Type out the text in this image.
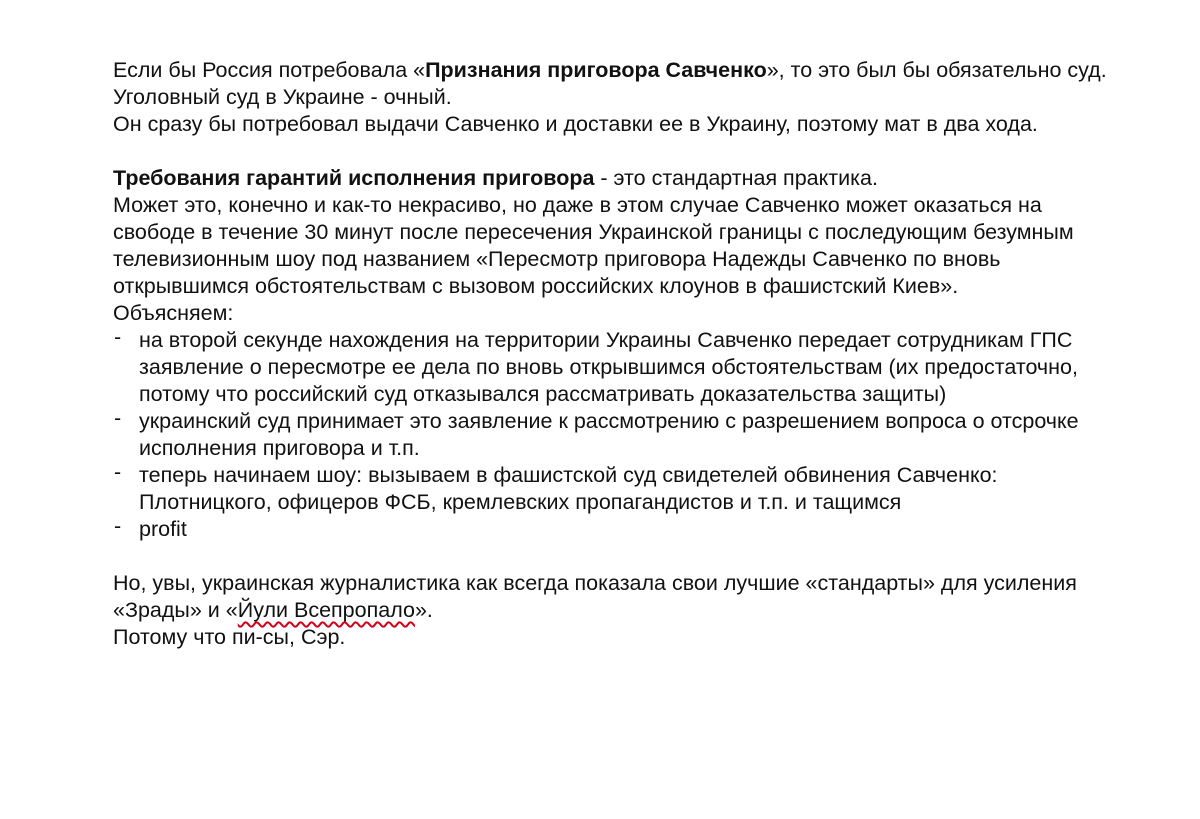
Если бы Россия потребовала «Признания приговора Савченко», то это был бы обязательно суд.

Уголовный суд в Украине - очный.

Он сразу бы потребовал выдачи Савченко и доставки ее в Украину, поэтому мат в два хода.

Требования гарантий исполнения приговора - это стандартная практика.

Может это, конечно и как-то некрасиво, но даже в этом случае Савченко может оказаться на свободе в течение 30 минут после пересечения Украинской границы с последующим безумным телевизионным шоу под названием «Пересмотр приговора Надежды Савченко по вновь открывшимся обстоятельствам с вызовом российских клоунов в фашистский Киев».

Объясняем:

- на второй секунде нахождения на территории Украины Савченко передает сотрудникам ГПС заявление о пересмотре ее дела по вновь открывшимся обстоятельствам (их предостаточно, потому что российский суд отказывался рассматривать доказательства защиты)
- украинский суд принимает это заявление к рассмотрению с разрешением вопроса о отсрочке исполнения приговора и т.п.
- теперь начинаем шоу: вызываем в фашистской суд свидетелей обвинения Савченко: Плотницкого, офицеров ФСБ, кремлевских пропагандистов и т.п. и тащимся
- profit

Но, увы, украинская журналистика как всегда показала свои лучшие «стандарты» для усиления «Зрады» и «Йули Всепропало».

Потому что пи-сы, Сэр.
